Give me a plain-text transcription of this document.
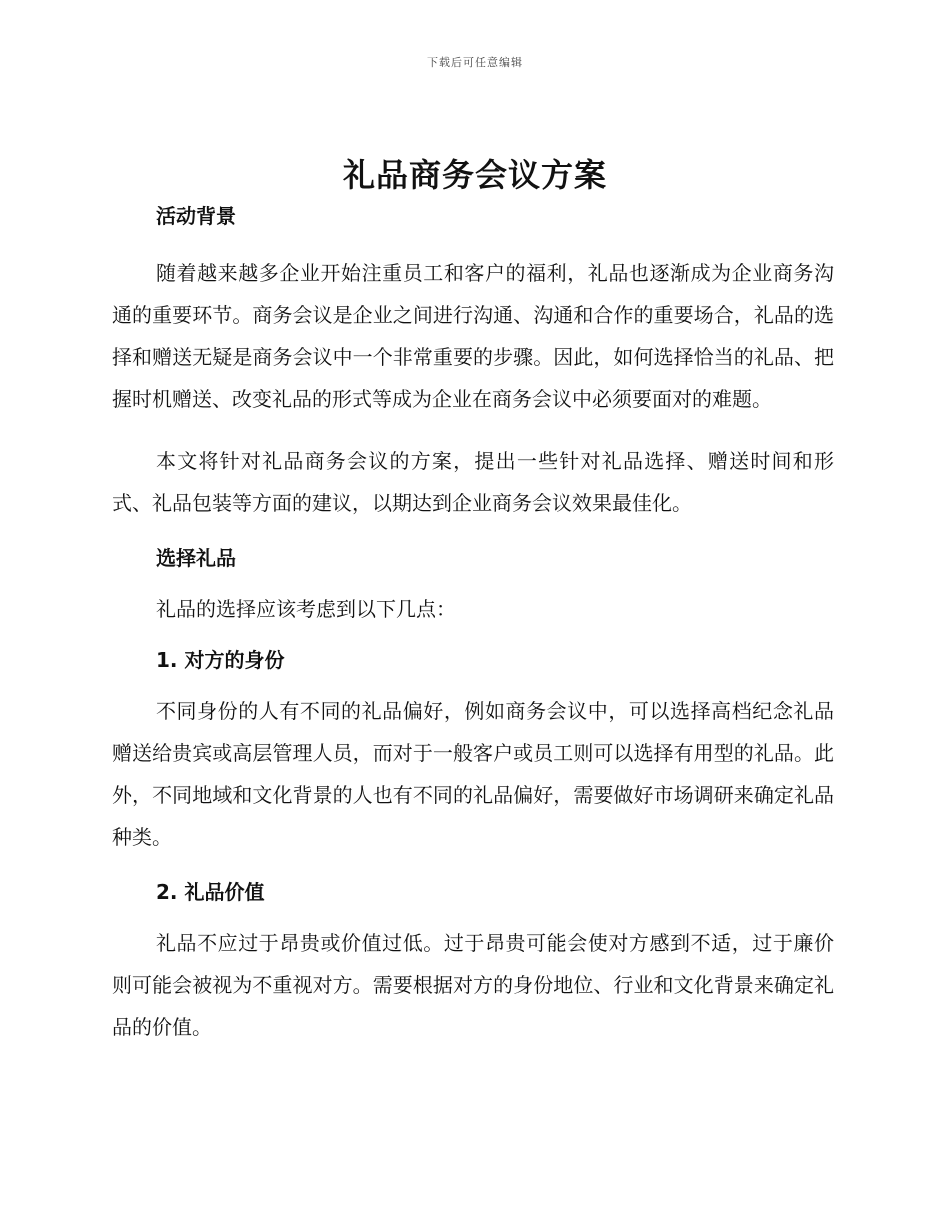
下载后可任意编辑
礼品商务会议方案
活动背景

随着越来越多企业开始注重员工和客户的福利，礼品也逐渐成为企业商务沟通的重要环节。商务会议是企业之间进行沟通、沟通和合作的重要场合，礼品的选择和赠送无疑是商务会议中一个非常重要的步骤。因此，如何选择恰当的礼品、把握时机赠送、改变礼品的形式等成为企业在商务会议中必须要面对的难题。

本文将针对礼品商务会议的方案，提出一些针对礼品选择、赠送时间和形式、礼品包装等方面的建议，以期达到企业商务会议效果最佳化。

选择礼品

礼品的选择应该考虑到以下几点：

1. 对方的身份

不同身份的人有不同的礼品偏好，例如商务会议中，可以选择高档纪念礼品赠送给贵宾或高层管理人员，而对于一般客户或员工则可以选择有用型的礼品。此外，不同地域和文化背景的人也有不同的礼品偏好，需要做好市场调研来确定礼品种类。

2. 礼品价值

礼品不应过于昂贵或价值过低。过于昂贵可能会使对方感到不适，过于廉价则可能会被视为不重视对方。需要根据对方的身份地位、行业和文化背景来确定礼品的价值。
